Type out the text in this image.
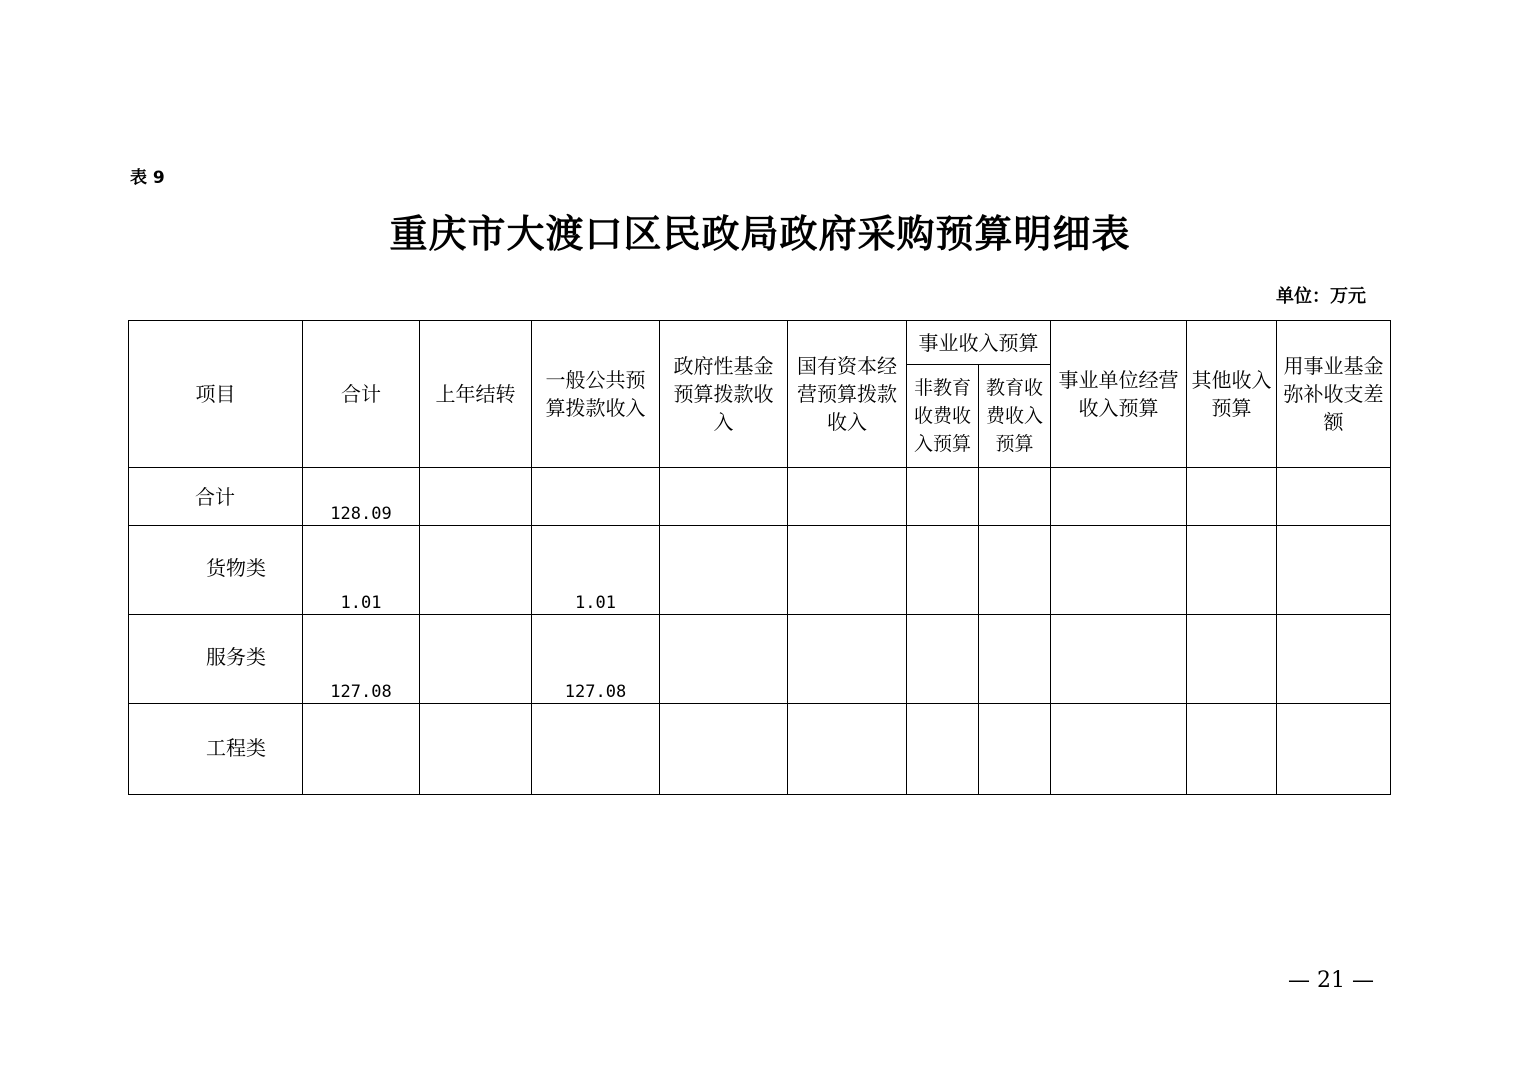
表 9
重庆市大渡口区民政局政府采购预算明细表
单位：万元
项目	合计	上年结转	一般公共预算拨款收入	政府性基金预算拨款收入	国有资本经营预算拨款收入	事业收入预算		事业单位经营收入预算	其他收入预算	用事业基金弥补收支差额
						非教育收费收入预算	教育收费收入预算			

合计	128.09									

货物类	1.01		1.01							

服务类	127.08		127.08							

工程类										

— 21 —
